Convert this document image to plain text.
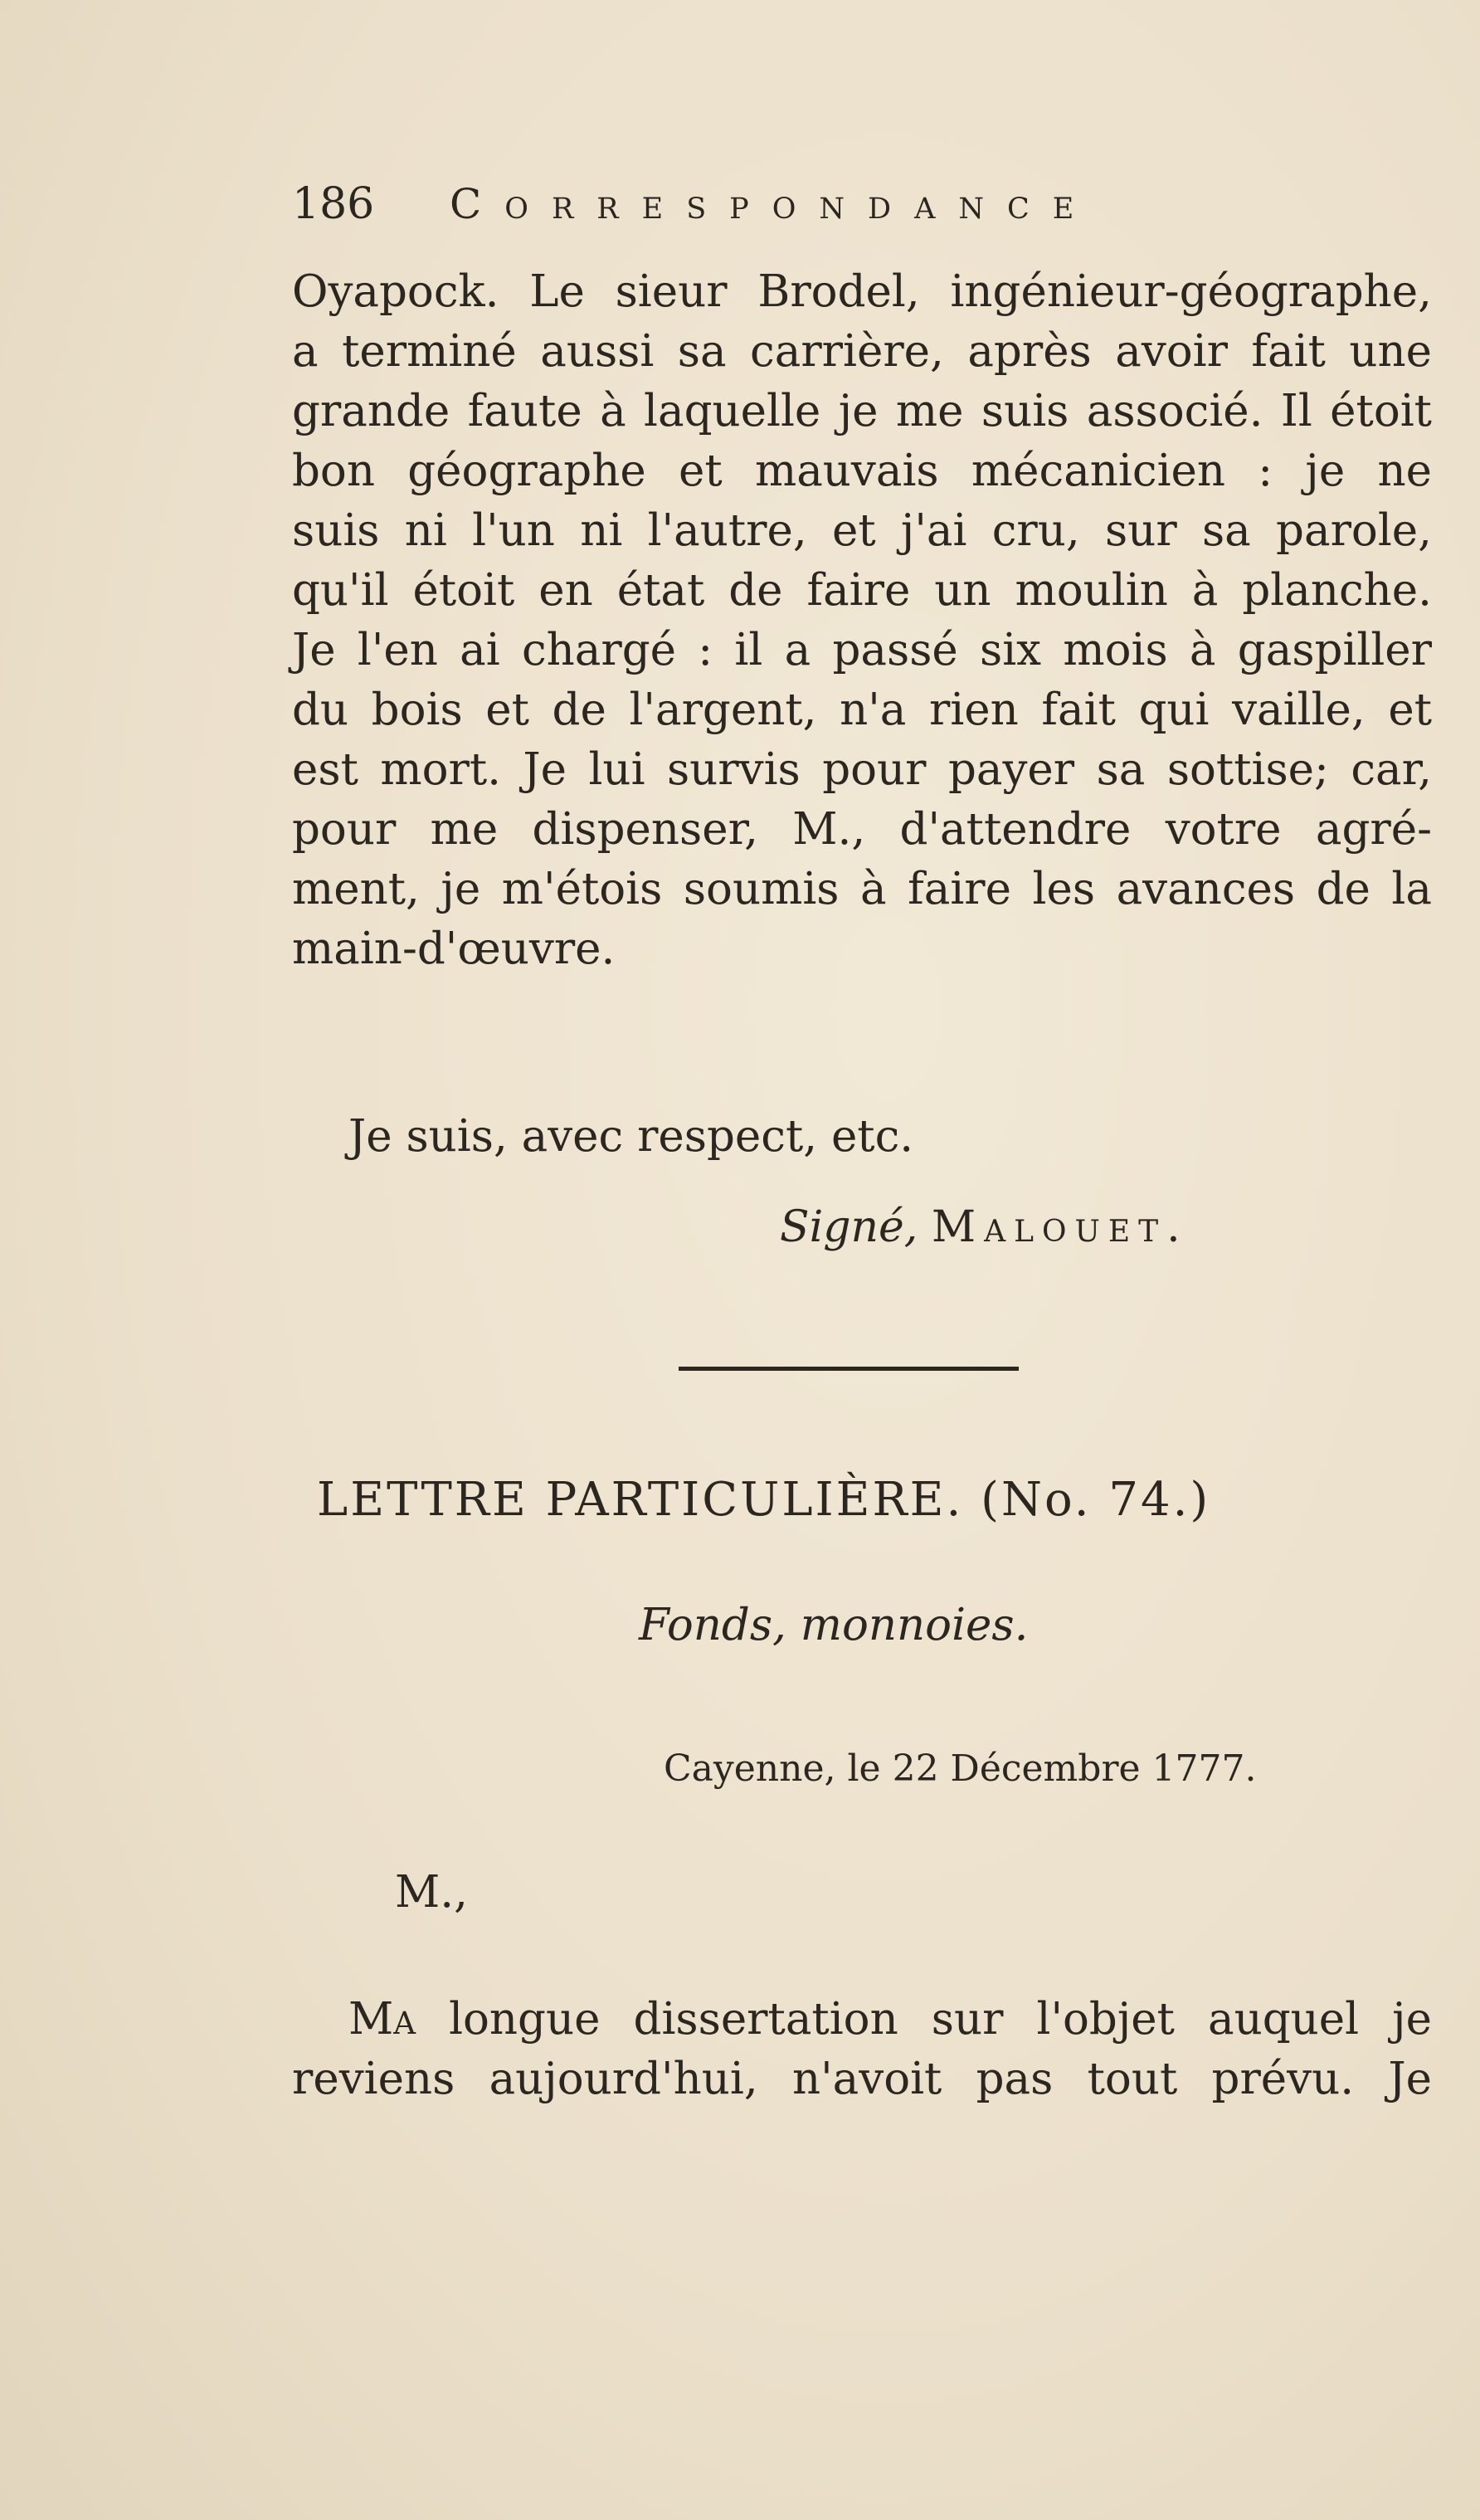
186 Correspondance
Oyapock. Le sieur Brodel, ingénieur-géographe,
a terminé aussi sa carrière, après avoir fait une
grande faute à laquelle je me suis associé. Il étoit
bon géographe et mauvais mécanicien : je ne
suis ni l'un ni l'autre, et j'ai cru, sur sa parole,
qu'il étoit en état de faire un moulin à planche.
Je l'en ai chargé : il a passé six mois à gaspiller
du bois et de l'argent, n'a rien fait qui vaille, et
est mort. Je lui survis pour payer sa sottise; car,
pour me dispenser, M., d'attendre votre agré-
ment, je m'étois soumis à faire les avances de la
main-d'œuvre.
Je suis, avec respect, etc.
Signé, Malouet.
LETTRE PARTICULIÈRE. (No. 74.)
Fonds, monnoies.
Cayenne, le 22 Décembre 1777.
M.,
Ma longue dissertation sur l'objet auquel je
reviens aujourd'hui, n'avoit pas tout prévu. Je
